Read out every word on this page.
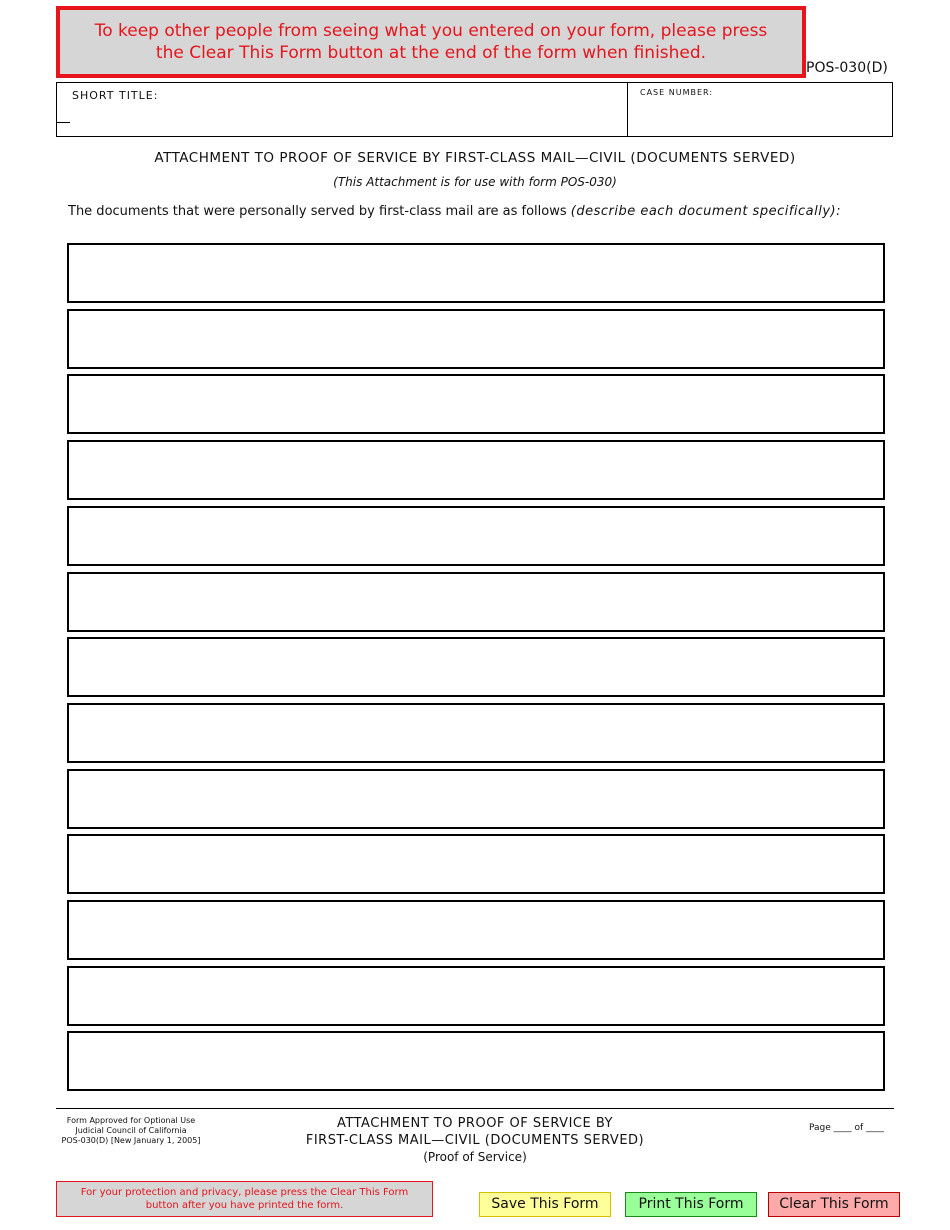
To keep other people from seeing what you entered on your form, please press
the Clear This Form button at the end of the form when finished.
POS-030(D)
SHORT TITLE:	CASE NUMBER:
ATTACHMENT TO PROOF OF SERVICE BY FIRST-CLASS MAIL—CIVIL (DOCUMENTS SERVED)
(This Attachment is for use with form POS-030)
The documents that were personally served by first-class mail are as follows (describe each document specifically):
Form Approved for Optional Use
Judicial Council of California
POS-030(D) [New January 1, 2005]
ATTACHMENT TO PROOF OF SERVICE BY
FIRST-CLASS MAIL—CIVIL (DOCUMENTS SERVED)
(Proof of Service)
Page ____ of ____
For your protection and privacy, please press the Clear This Form
button after you have printed the form.	Save This Form	Print This Form	Clear This Form
